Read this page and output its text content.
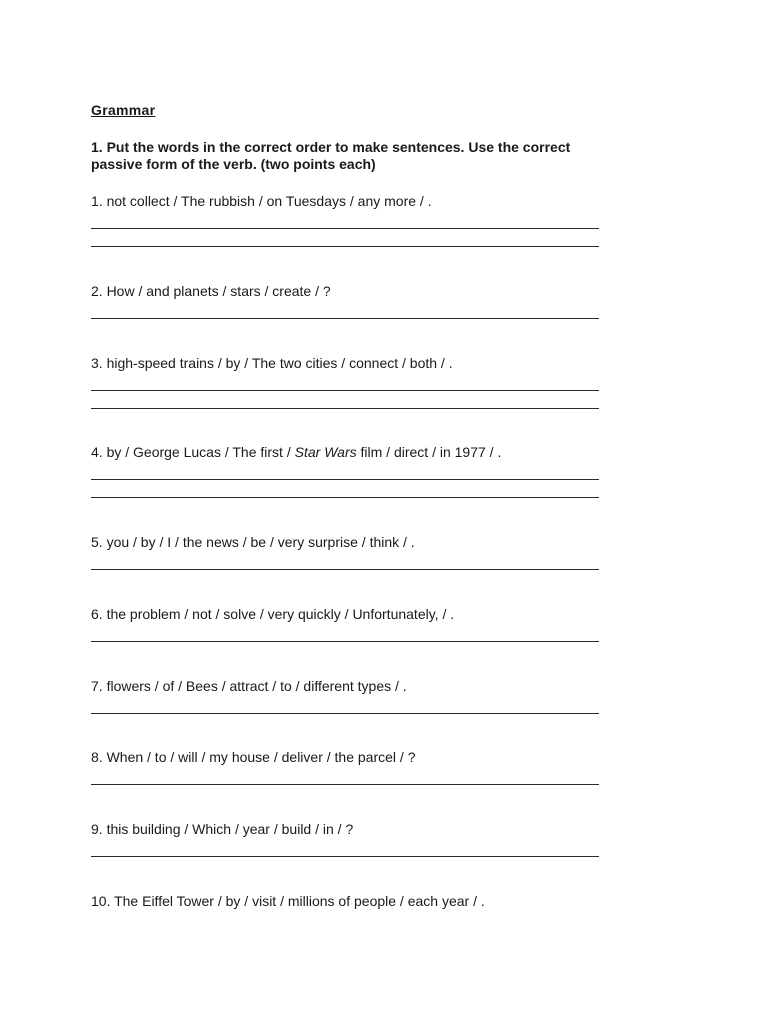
Grammar
1. Put the words in the correct order to make sentences. Use the correct
passive form of the verb. (two points each)
1. not collect / The rubbish / on Tuesdays / any more / .
2. How / and planets / stars / create / ?
3. high-speed trains / by / The two cities / connect / both / .
4. by / George Lucas / The first / Star Wars film / direct / in 1977 / .
5. you / by / I / the news / be / very surprise / think / .
6. the problem / not / solve / very quickly / Unfortunately, / .
7. flowers / of / Bees / attract / to / different types / .
8. When / to / will / my house / deliver / the parcel / ?
9. this building / Which / year / build / in / ?
10. The Eiffel Tower / by / visit / millions of people / each year / .
